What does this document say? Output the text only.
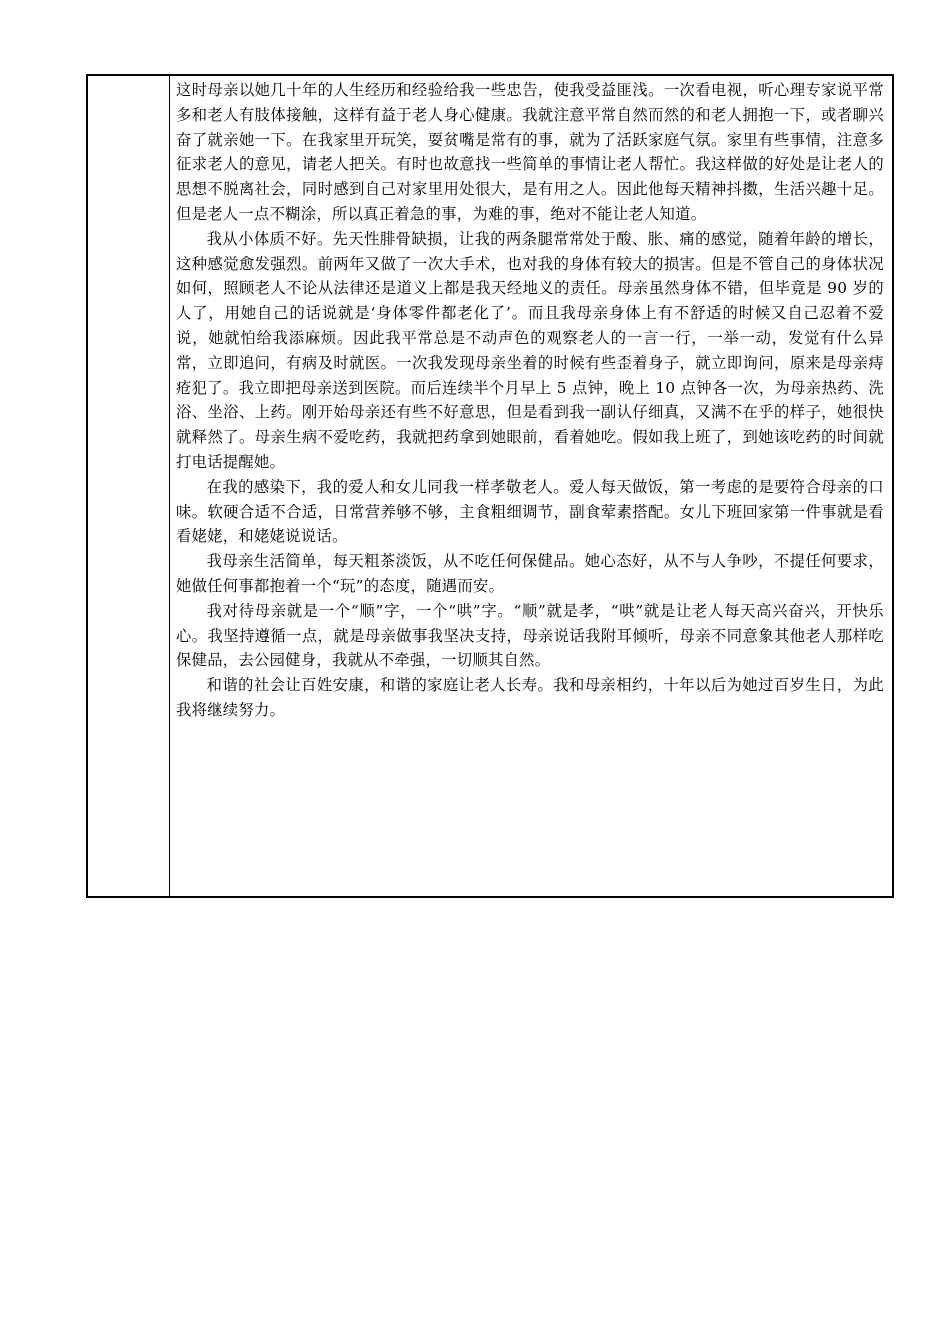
这时母亲以她几十年的人生经历和经验给我一些忠告，使我受益匪浅。一次看电视，听心理专家说平常多和老人有肢体接触，这样有益于老人身心健康。我就注意平常自然而然的和老人拥抱一下，或者聊兴奋了就亲她一下。在我家里开玩笑，耍贫嘴是常有的事，就为了活跃家庭气氛。家里有些事情，注意多征求老人的意见，请老人把关。有时也故意找一些简单的事情让老人帮忙。我这样做的好处是让老人的思想不脱离社会，同时感到自己对家里用处很大，是有用之人。因此他每天精神抖擞，生活兴趣十足。但是老人一点不糊涂，所以真正着急的事，为难的事，绝对不能让老人知道。

我从小体质不好。先天性腓骨缺损，让我的两条腿常常处于酸、胀、痛的感觉，随着年龄的增长，这种感觉愈发强烈。前两年又做了一次大手术，也对我的身体有较大的损害。但是不管自己的身体状况如何，照顾老人不论从法律还是道义上都是我天经地义的责任。母亲虽然身体不错，但毕竟是 90 岁的人了，用她自己的话说就是‘身体零件都老化了’。而且我母亲身体上有不舒适的时候又自己忍着不爱说，她就怕给我添麻烦。因此我平常总是不动声色的观察老人的一言一行，一举一动，发觉有什么异常，立即追问，有病及时就医。一次我发现母亲坐着的时候有些歪着身子，就立即询问，原来是母亲痔疮犯了。我立即把母亲送到医院。而后连续半个月早上 5 点钟，晚上 10 点钟各一次，为母亲热药、洗浴、坐浴、上药。刚开始母亲还有些不好意思，但是看到我一副认仔细真，又满不在乎的样子，她很快就释然了。母亲生病不爱吃药，我就把药拿到她眼前，看着她吃。假如我上班了，到她该吃药的时间就打电话提醒她。

在我的感染下，我的爱人和女儿同我一样孝敬老人。爱人每天做饭，第一考虑的是要符合母亲的口味。软硬合适不合适，日常营养够不够，主食粗细调节，副食荤素搭配。女儿下班回家第一件事就是看看姥姥，和姥姥说说话。

我母亲生活简单，每天粗茶淡饭，从不吃任何保健品。她心态好，从不与人争吵，不提任何要求，她做任何事都抱着一个“玩”的态度，随遇而安。

我对待母亲就是一个“顺”字，一个“哄”字。“顺”就是孝，“哄”就是让老人每天高兴奋兴，开快乐心。我坚持遵循一点，就是母亲做事我坚决支持，母亲说话我附耳倾听，母亲不同意象其他老人那样吃保健品，去公园健身，我就从不牵强，一切顺其自然。

和谐的社会让百姓安康，和谐的家庭让老人长寿。我和母亲相约，十年以后为她过百岁生日，为此我将继续努力。
